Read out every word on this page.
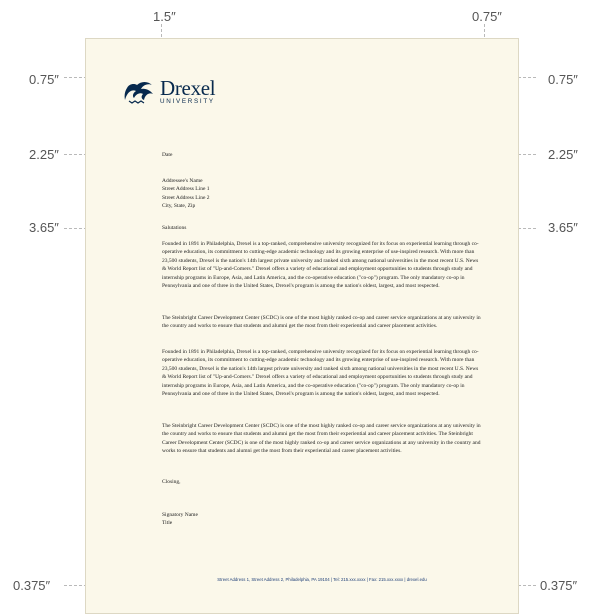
1.5″	0.75″
0.75″	0.75″
2.25″	2.25″
3.65″	3.65″
0.375″	0.375″
Drexel
UNIVERSITY

Date

Addressee's Name
Street Address Line 1
Street Address Line 2
City, State, Zip

Salutations

Founded in 1891 in Philadelphia, Drexel is a top-ranked, comprehensive university recognized for its focus on experiential learning through co-operative education, its commitment to cutting-edge academic technology and its growing enterprise of use-inspired research. With more than 23,500 students, Drexel is the nation's 14th largest private university and ranked sixth among national universities in the most recent U.S. News & World Report list of "Up-and-Comers." Drexel offers a variety of educational and employment opportunities to students through study and internship programs in Europe, Asia, and Latin America, and the co-operative education ("co-op") program. The only mandatory co-op in Pennsylvania and one of three in the United States, Drexel's program is among the nation's oldest, largest, and most respected.

The Steinbright Career Development Center (SCDC) is one of the most highly ranked co-op and career service organizations at any university in the country and works to ensure that students and alumni get the most from their experiential and career placement activities.

Founded in 1891 in Philadelphia, Drexel is a top-ranked, comprehensive university recognized for its focus on experiential learning through co-operative education, its commitment to cutting-edge academic technology and its growing enterprise of use-inspired research. With more than 23,500 students, Drexel is the nation's 14th largest private university and ranked sixth among national universities in the most recent U.S. News & World Report list of "Up-and-Comers." Drexel offers a variety of educational and employment opportunities to students through study and internship programs in Europe, Asia, and Latin America, and the co-operative education ("co-op") program. The only mandatory co-op in Pennsylvania and one of three in the United States, Drexel's program is among the nation's oldest, largest, and most respected.

The Steinbright Career Development Center (SCDC) is one of the most highly ranked co-op and career service organizations at any university in the country and works to ensure that students and alumni get the most from their experiential and career placement activities. The Steinbright Career Development Center (SCDC) is one of the most highly ranked co-op and career service organizations at any university in the country and works to ensure that students and alumni get the most from their experiential and career placement activities.

Closing,

Signatory Name

Title

Street Address 1, Street Address 2, Philadelphia, PA 19104 | Tel: 215.xxx.xxxx | Fax: 215.xxx.xxxx | drexel.edu
